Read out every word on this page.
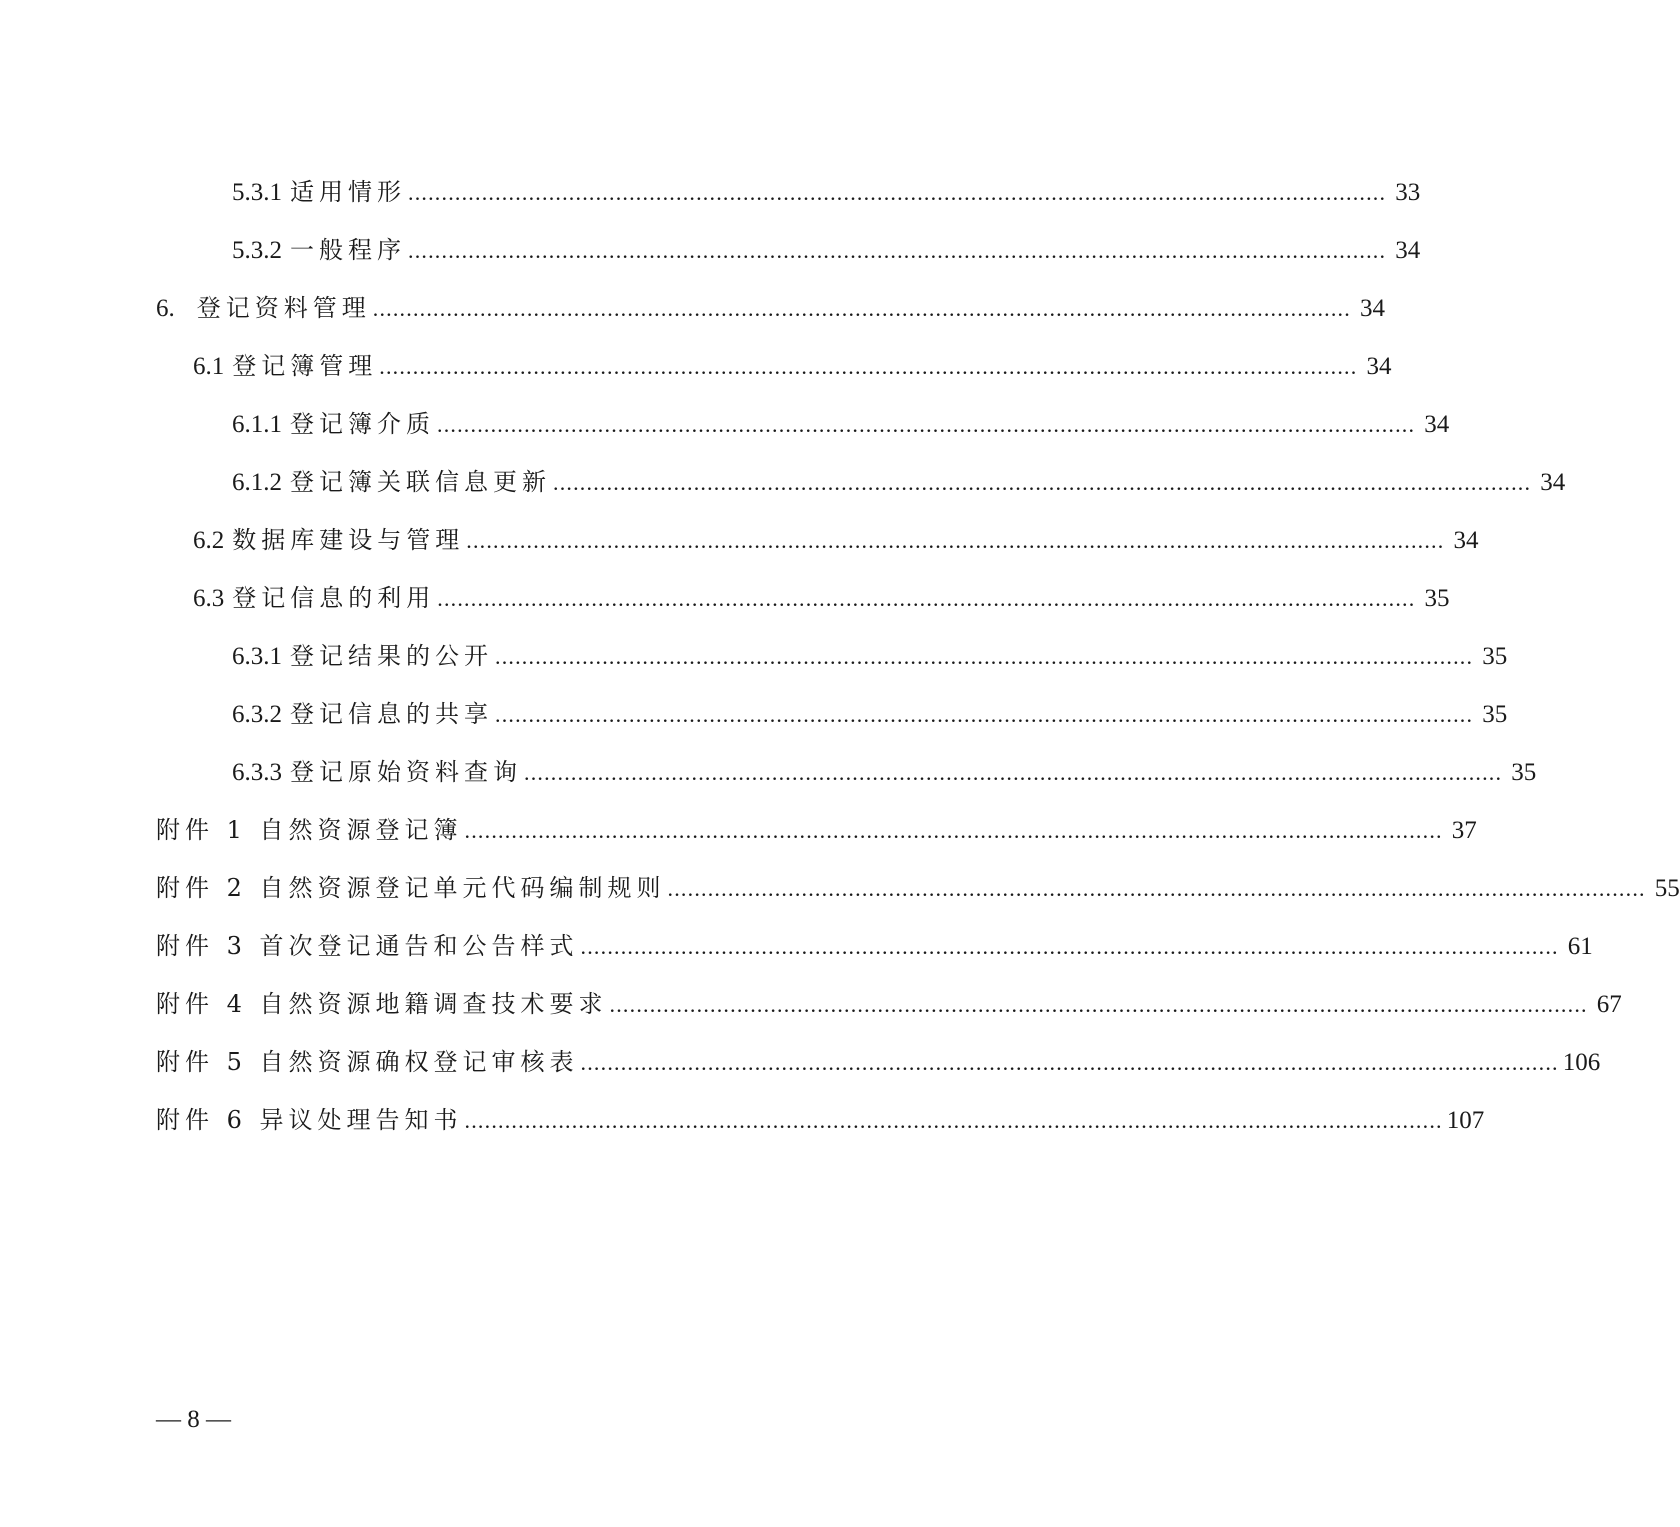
5.3.1 适用情形 .................................................................................................................................................. 33
5.3.2 一般程序 .................................................................................................................................................. 34
6. 登记资料管理 .................................................................................................................................................. 34
6.1 登记簿管理 .................................................................................................................................................. 34
6.1.1 登记簿介质 .................................................................................................................................................. 34
6.1.2 登记簿关联信息更新 .................................................................................................................................................. 34
6.2 数据库建设与管理 .................................................................................................................................................. 34
6.3 登记信息的利用 .................................................................................................................................................. 35
6.3.1 登记结果的公开 .................................................................................................................................................. 35
6.3.2 登记信息的共享 .................................................................................................................................................. 35
6.3.3 登记原始资料查询 .................................................................................................................................................. 35
附件 1 自然资源登记簿 .................................................................................................................................................. 37
附件 2 自然资源登记单元代码编制规则 .................................................................................................................................................. 55
附件 3 首次登记通告和公告样式 .................................................................................................................................................. 61
附件 4 自然资源地籍调查技术要求 .................................................................................................................................................. 67
附件 5 自然资源确权登记审核表 .................................................................................................................................................. 106
附件 6 异议处理告知书 .................................................................................................................................................. 107
— 8 —
